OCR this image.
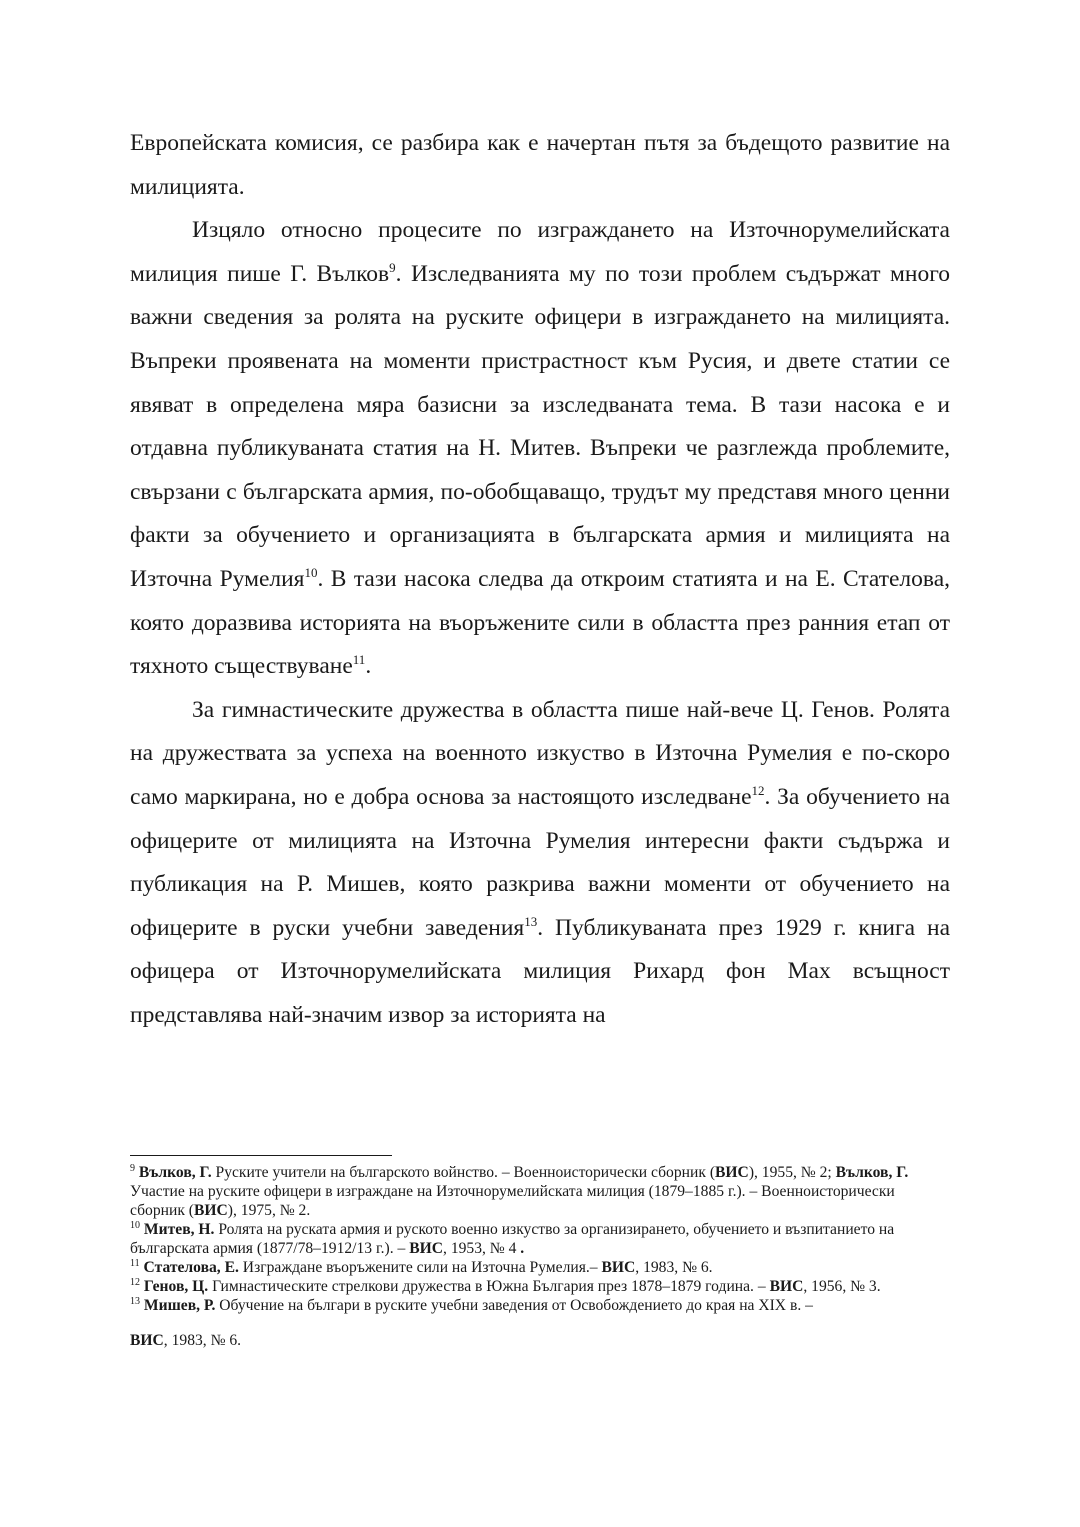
Европейската комисия, се разбира как е начертан пътя за бъдещото развитие на милицията.

Изцяло относно процесите по изграждането на Източнорумелийската милиция пише Г. Вълков$^9$. Изследванията му по този проблем съдържат много важни сведения за ролята на руските офицери в изграждането на милицията. Въпреки проявената на моменти пристрастност към Русия, и двете статии се явяват в определена мяра базисни за изследваната тема. В тази насока е и отдавна публикуваната статия на Н. Митев. Въпреки че разглежда проблемите, свързани с българската армия, по-обобщаващо, трудът му представя много ценни факти за обучението и организацията в българската армия и милицията на Източна Румелия$^{10}$. В тази насока следва да откроим статията и на Е. Стателова, която доразвива историята на въоръжените сили в областта през ранния етап от тяхното съществуване$^{11}$.

За гимнастическите дружества в областта пише най-вече Ц. Генов. Ролята на дружествата за успеха на военното изкуство в Източна Румелия е по-скоро само маркирана, но е добра основа за настоящото изследване$^{12}$. За обучението на офицерите от милицията на Източна Румелия интересни факти съдържа и публикация на Р. Мишев, която разкрива важни моменти от обучението на офицерите в руски учебни заведения$^{13}$. Публикуваната през 1929 г. книга на офицера от Източнорумелийската милиция Рихард фон Мах всъщност представлява най-значим извор за историята на

$^9$ Вълков, Г. Руските учители на българското войнство. – Военноисторически сборник (ВИС), 1955, № 2; Вълков, Г. Участие на руските офицери в изграждане на Източнорумелийската милиция (1879–1885 г.). – Военноисторически сборник (ВИС), 1975, № 2.

$^{10}$ Митев, Н. Ролята на руската армия и руското военно изкуство за организирането, обучението и възпитанието на българската армия (1877/78–1912/13 г.). – ВИС, 1953, № 4 .

$^{11}$ Стателова, Е. Изграждане въоръжените сили на Източна Румелия.– ВИС, 1983, № 6.

$^{12}$ Генов, Ц. Гимнастическите стрелкови дружества в Южна България през 1878–1879 година. – ВИС, 1956, № 3.

$^{13}$ Мишев, Р. Обучение на българи в руските учебни заведения от Освобождението до края на XIX в. –

ВИС, 1983, № 6.
